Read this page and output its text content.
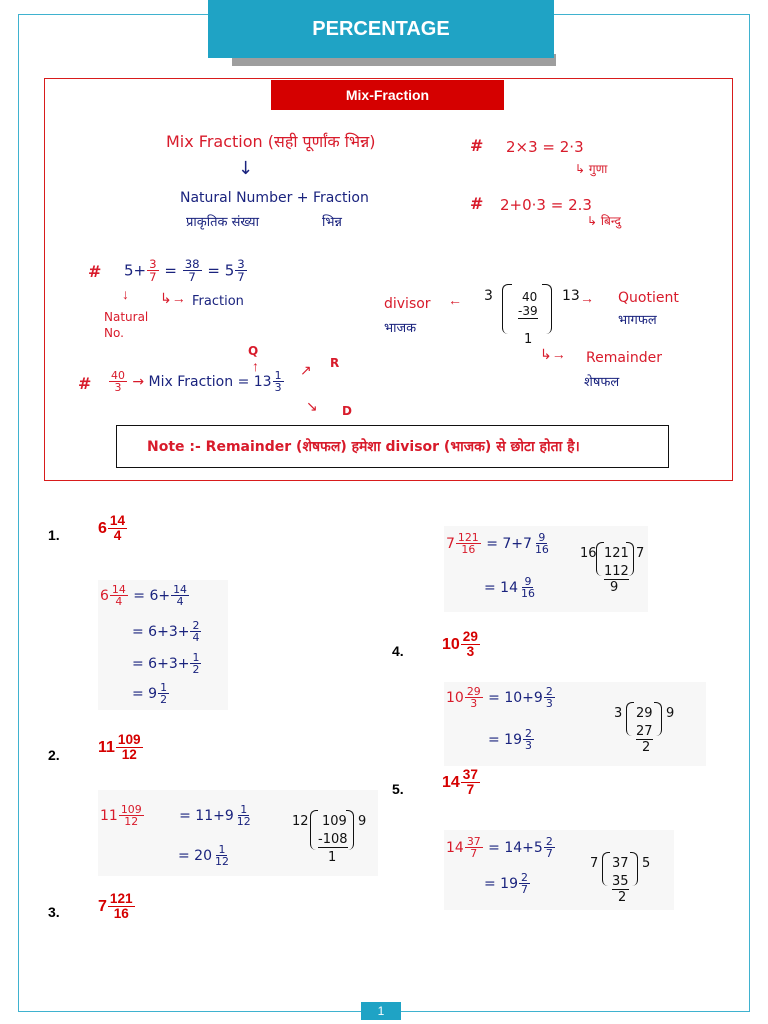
PERCENTAGE
Mix-Fraction
Mix Fraction (सही पूर्णांक भिन्न)
↓
Natural Number + Fraction
प्राकृतिक संख्या	भिन्न
# 2×3 = 2·3
↳ गुणा
# 2+0·3 = 2.3
↳ बिन्दु
# $5+ \frac{3}{7} = \frac{38}{7} = 5 \frac{3}{7}$
↓ ↳→ Fraction
Natural No.
# $\frac{40}{3}$ → Mix Fraction = $13 \frac{1}{3}$
Q
↑	R
↗
D
↘
divisor
भाजक
← 3 40
-39
1
13 → Quotient
भागफल
↳→ Remainder
शेषफल
Note :- Remainder (शेषफल) हमेशा divisor (भाजक) से छोटा होता है।
1. $6 \frac{14}{4}$
$6 \frac{14}{4} = 6+ \frac{14}{4}$
= $6+3+ \frac{2}{4}$
= $6+3+ \frac{1}{2}$
= $9 \frac{1}{2}$
2. $11 \frac{109}{12}$
$11 \frac{109}{12}$	= $11+9 \frac{1}{12}$
= $20 \frac{1}{12}$
12 109
-108
1
9
3. $7 \frac{121}{16}$
$7 \frac{121}{16} = 7+7 \frac{9}{16}$
= $14 \frac{9}{16}$
16 121
112
9
7
4. $10 \frac{29}{3}$
$10 \frac{29}{3} = 10+9 \frac{2}{3}$
= $19 \frac{2}{3}$
3 29
27
2
9
5. $14 \frac{37}{7}$
$14 \frac{37}{7} = 14+5 \frac{2}{7}$
= $19 \frac{2}{7}$
7 37
35
2
5
1
